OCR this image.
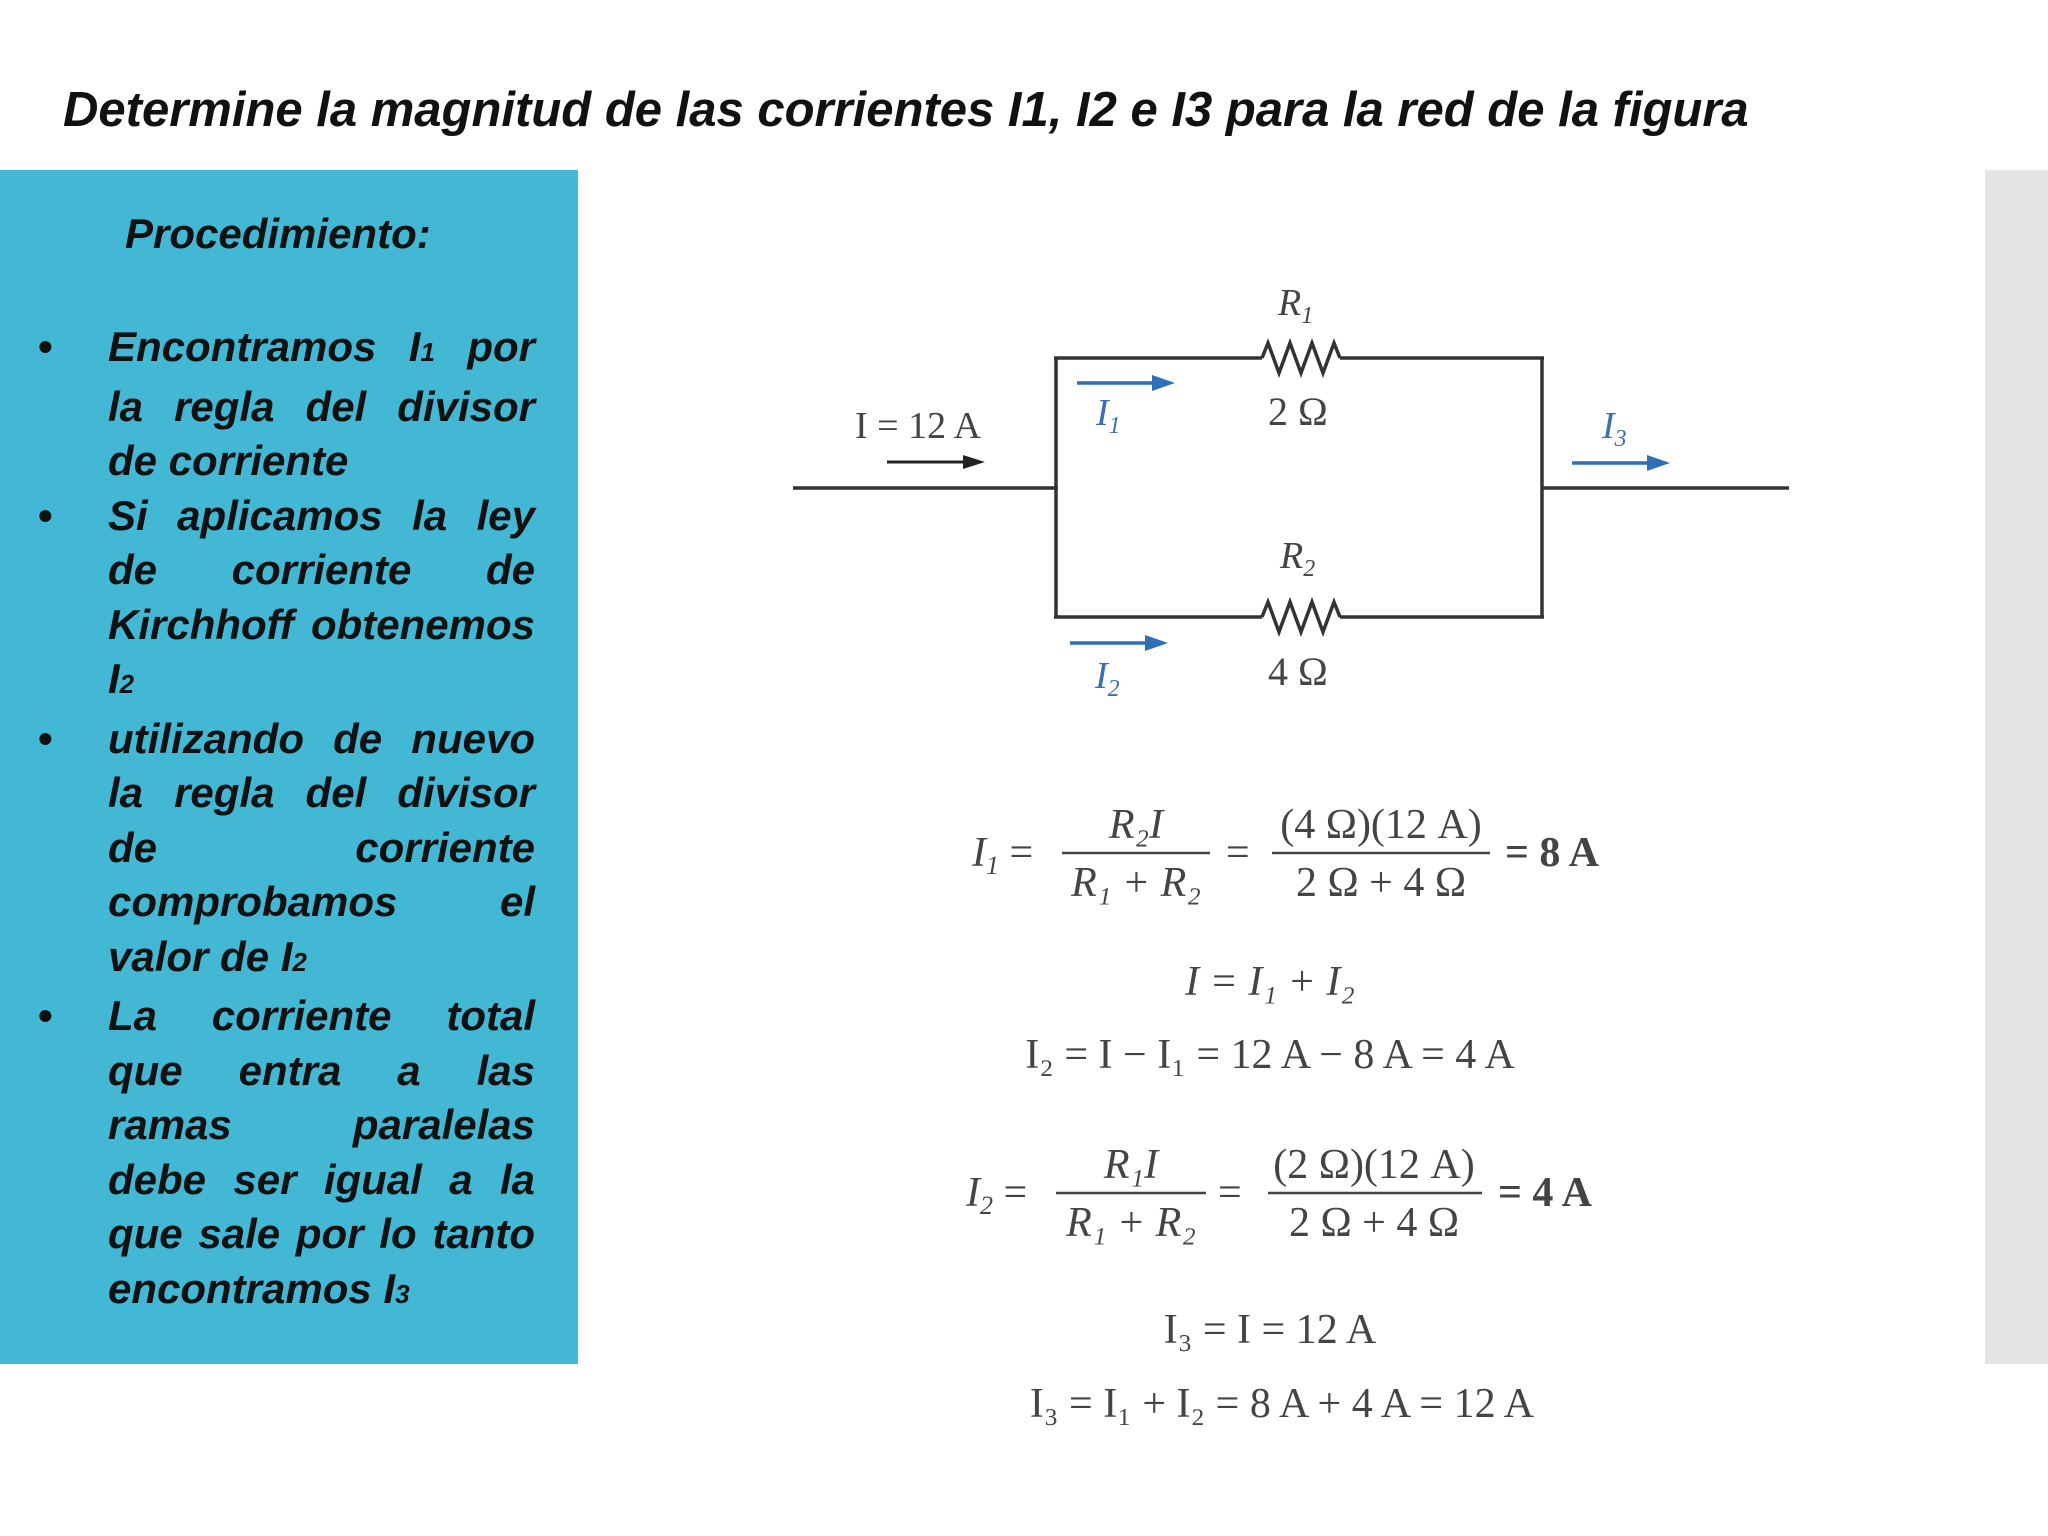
Determine la magnitud de las corrientes I1, I2 e I3 para la red de la figura
Procedimiento:
• Encontramos I1 por la regla del divisor de corriente
• Si aplicamos la ley de corriente de Kirchhoff obtenemos I2
• utilizando de nuevo la regla del divisor de corriente comprobamos el valor de I2
• La corriente total que entra a las ramas paralelas debe ser igual a la que sale por lo tanto encontramos I3
I = 12 A
$R_1$
2 Ω
$R_2$
4 Ω
$I_1$
$I_2$
$I_3$
I1 =
R₂I
R₁ + R₂
=
(4 Ω)(12 A)
2 Ω + 4 Ω
= 8 A
I = I₁ + I₂
I₂ = I − I₁ = 12 A − 8 A = 4 A
I2 =
R₁I
R₁ + R₂
=
(2 Ω)(12 A)
2 Ω + 4 Ω
= 4 A
I₃ = I = 12 A
I₃ = I₁ + I₂ = 8 A + 4 A = 12 A
